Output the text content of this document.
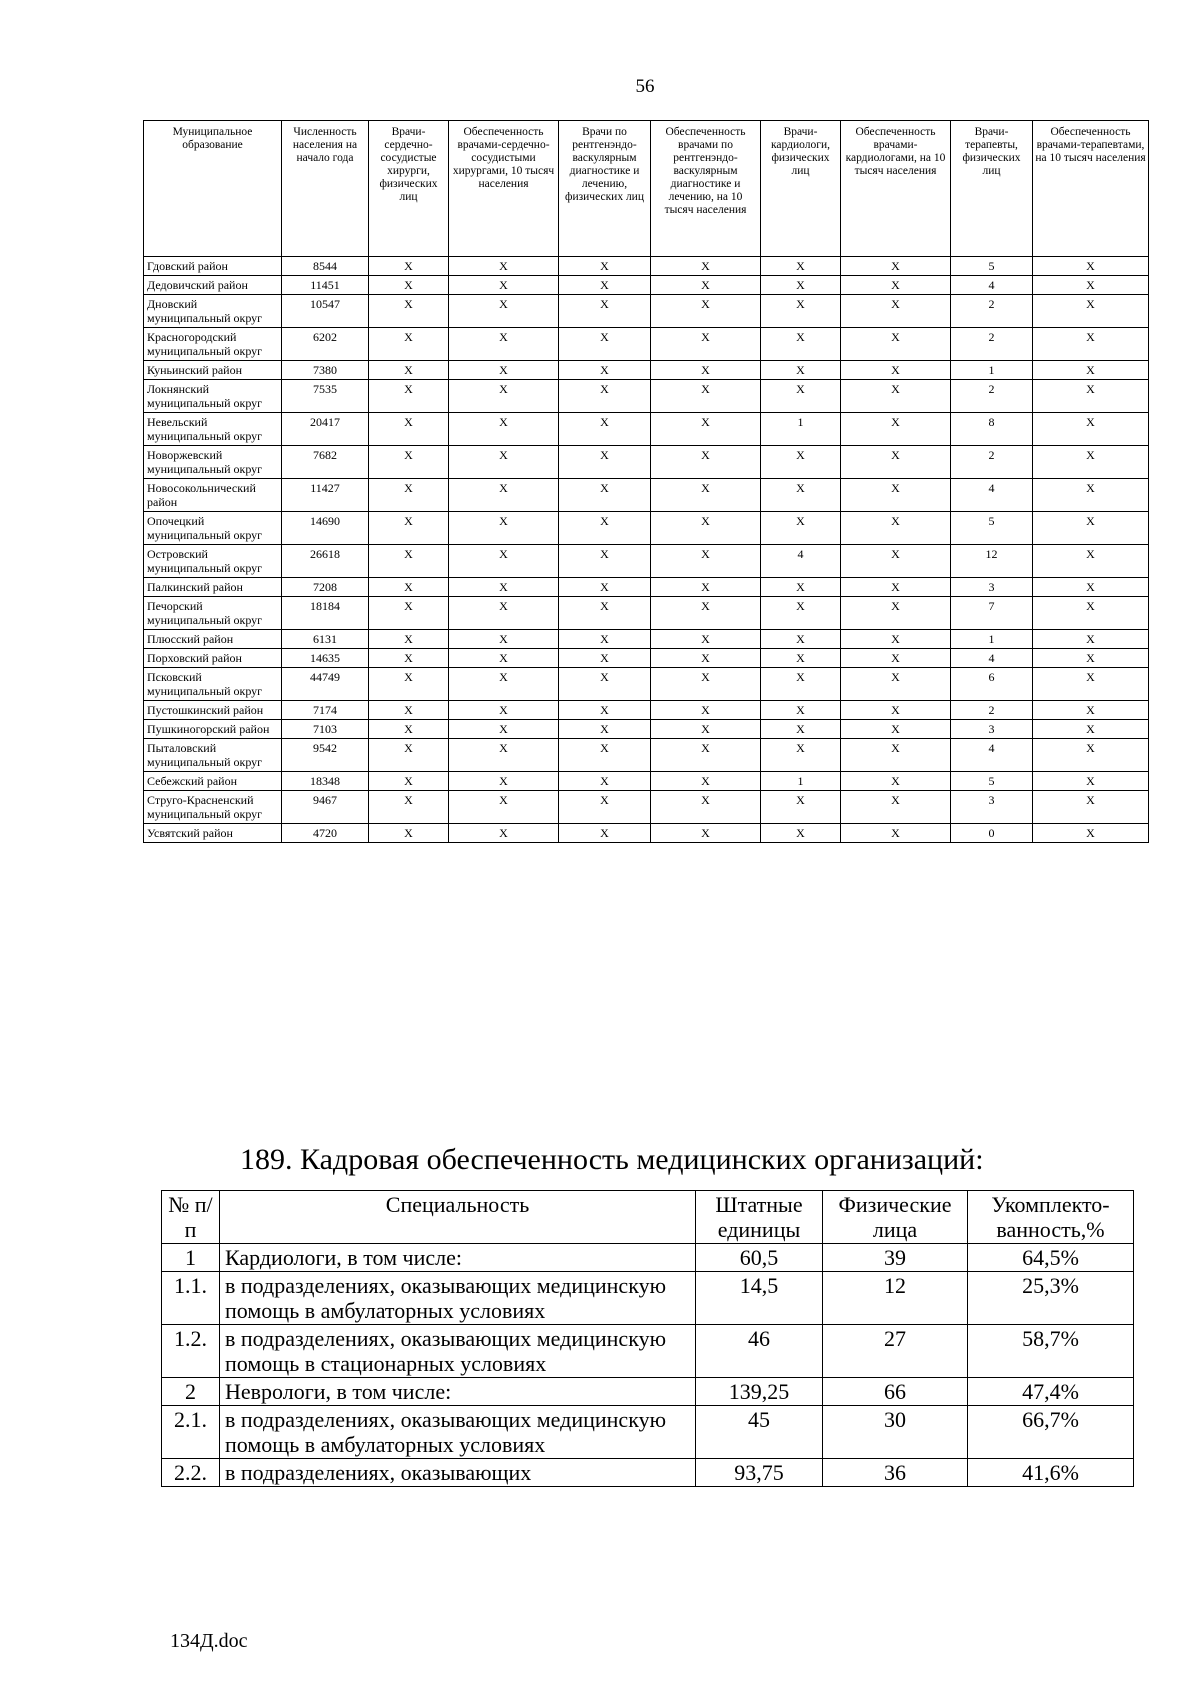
56
Муниципальное образование	Численность населения на начало года	Врачи-сердечно-сосудистые хирурги, физических лиц	Обеспеченность врачами-сердечно-сосудистыми хирургами, 10 тысяч населения	Врачи по рентгенэндо-васкулярным диагностике и лечению, физических лиц	Обеспеченность врачами по рентгенэндо-васкулярным диагностике и лечению, на 10 тысяч населения	Врачи-кардиологи, физических лиц	Обеспеченность врачами-кардиологами, на 10 тысяч населения	Врачи-терапевты, физических лиц	Обеспеченность врачами-терапевтами, на 10 тысяч населения
Гдовский район	8544	X	X	X	X	X	X	5	X
Дедовичский район	11451	X	X	X	X	X	X	4	X
Дновский муниципальный округ	10547	X	X	X	X	X	X	2	X
Красногородский муниципальный округ	6202	X	X	X	X	X	X	2	X
Куньинский район	7380	X	X	X	X	X	X	1	X
Локнянский муниципальный округ	7535	X	X	X	X	X	X	2	X
Невельский муниципальный округ	20417	X	X	X	X	1	X	8	X
Новоржевский муниципальный округ	7682	X	X	X	X	X	X	2	X
Новосокольнический район	11427	X	X	X	X	X	X	4	X
Опочецкий муниципальный округ	14690	X	X	X	X	X	X	5	X
Островский муниципальный округ	26618	X	X	X	X	4	X	12	X
Палкинский район	7208	X	X	X	X	X	X	3	X
Печорский муниципальный округ	18184	X	X	X	X	X	X	7	X
Плюсский район	6131	X	X	X	X	X	X	1	X
Порховский район	14635	X	X	X	X	X	X	4	X
Псковский муниципальный округ	44749	X	X	X	X	X	X	6	X
Пустошкинский район	7174	X	X	X	X	X	X	2	X
Пушкиногорский район	7103	X	X	X	X	X	X	3	X
Пыталовский муниципальный округ	9542	X	X	X	X	X	X	4	X
Себежский район	18348	X	X	X	X	1	X	5	X
Струго-Красненский муниципальный округ	9467	X	X	X	X	X	X	3	X
Усвятский район	4720	X	X	X	X	X	X	0	X
189. Кадровая обеспеченность медицинских организаций:
№ п/п	Специальность	Штатные единицы	Физические лица	Укомплекто-ванность,%
1	Кардиологи, в том числе:	60,5	39	64,5%
1.1.	в подразделениях, оказывающих медицинскую помощь в амбулаторных условиях	14,5	12	25,3%
1.2.	в подразделениях, оказывающих медицинскую помощь в стационарных условиях	46	27	58,7%
2	Неврологи, в том числе:	139,25	66	47,4%
2.1.	в подразделениях, оказывающих медицинскую помощь в амбулаторных условиях	45	30	66,7%
2.2.	в подразделениях, оказывающих	93,75	36	41,6%
134Д.doc
